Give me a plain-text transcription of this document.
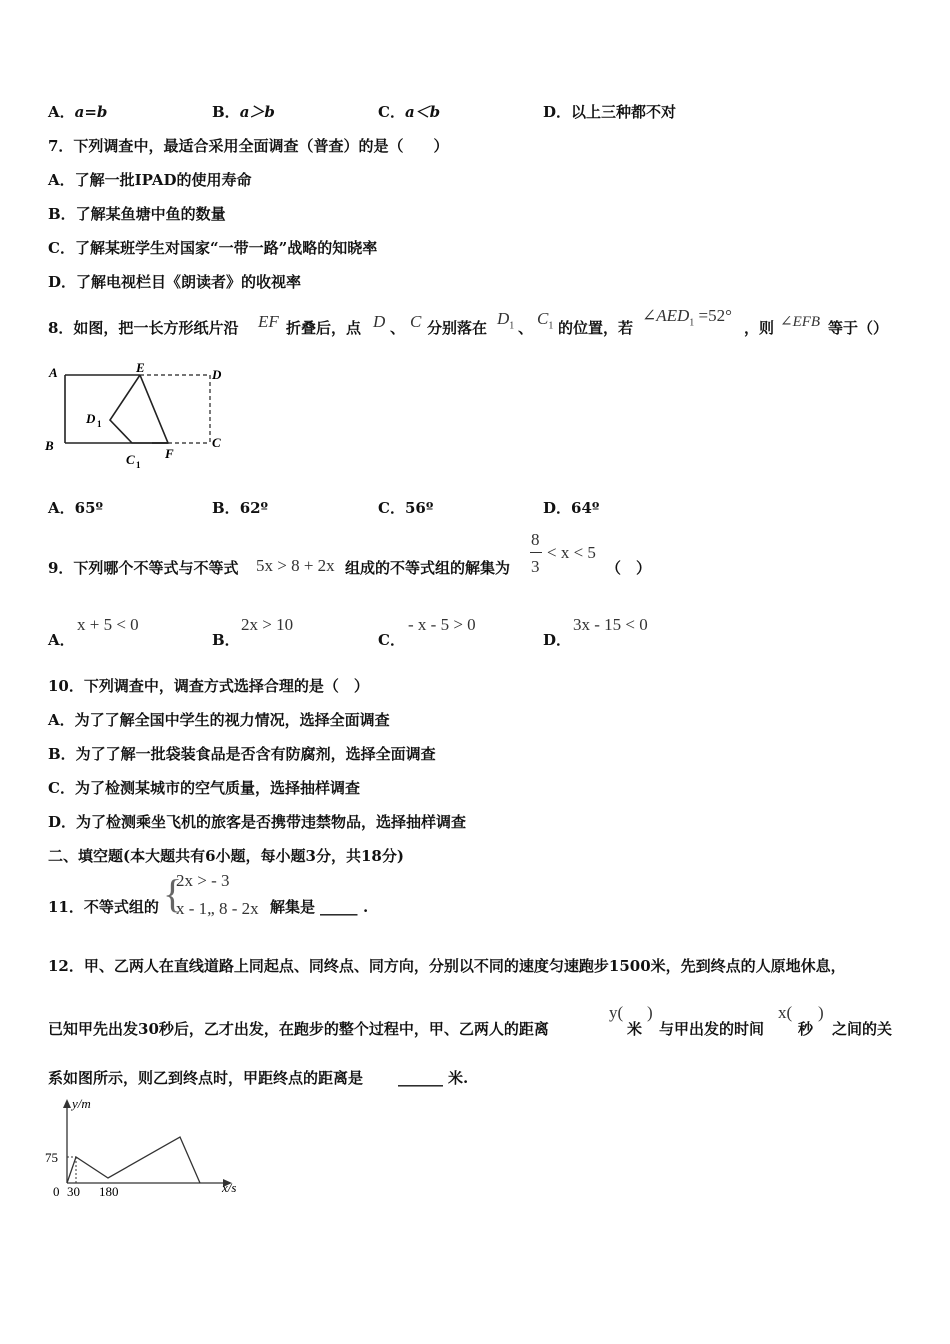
A．a=b	B．a＞b	C．a＜b	D．以上三种都不对
7．下列调查中，最适合采用全面调查（普查）的是（　　）
A．了解一批IPAD的使用寿命
B．了解某鱼塘中鱼的数量
C．了解某班学生对国家“一带一路”战略的知晓率
D．了解电视栏目《朗读者》的收视率
8．如图，把一长方形纸片沿 EF 折叠后，点 D 、 C 分别落在 $D_1$ 、 $C_1$ 的位置，若
$\angle AED_1 =52^\circ$
，则 ∠EFB 等于（）
A
B
E	D
C
F
D 1
C 1
A．65º	B．62º	C．56º	D．64º
9．下列哪个不等式与不等式 5x > 8 + 2x 组成的不等式组的解集为
8
3
< x < 5
（　）
A．
x + 5 < 0
B．
2x > 10
C．
- x - 5 > 0
D．
3x - 15 < 0
10．下列调查中，调查方式选择合理的是（　）
A．为了了解全国中学生的视力情况，选择全面调查
B．为了了解一批袋装食品是否含有防腐剂，选择全面调查
C．为了检测某城市的空气质量，选择抽样调查
D．为了检测乘坐飞机的旅客是否携带违禁物品，选择抽样调查
二、填空题(本大题共有6小题，每小题3分，共18分)
11．不等式组的 {
2x > - 3
x - 1„ 8 - 2x 解集是 _____ .
12．甲、乙两人在直线道路上同起点、同终点、同方向，分别以不同的速度匀速跑步1500米，先到终点的人原地休息，
已知甲先出发30秒后，乙才出发，在跑步的整个过程中，甲、乙两人的距离
y(
米
)
与甲出发的时间
x(
秒
)
之间的关
系如图所示，则乙到终点时，甲距终点的距离是 ______ 米.
y/m
x/s
75
0 30 180
